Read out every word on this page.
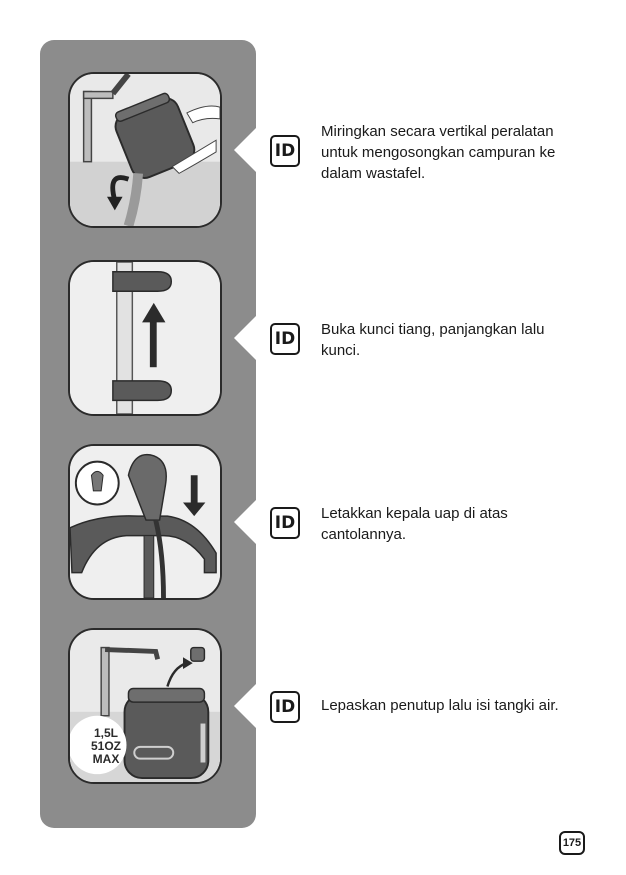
ID
Miringkan secara vertikal peralatan untuk mengosongkan campuran ke dalam wastafel.
ID	Buka kunci tiang, panjangkan lalu kunci.
ID	Letakkan kepala uap di atas cantolannya.
1,5L
51OZ
MAX
ID	Lepaskan penutup lalu isi tangki air.
175
